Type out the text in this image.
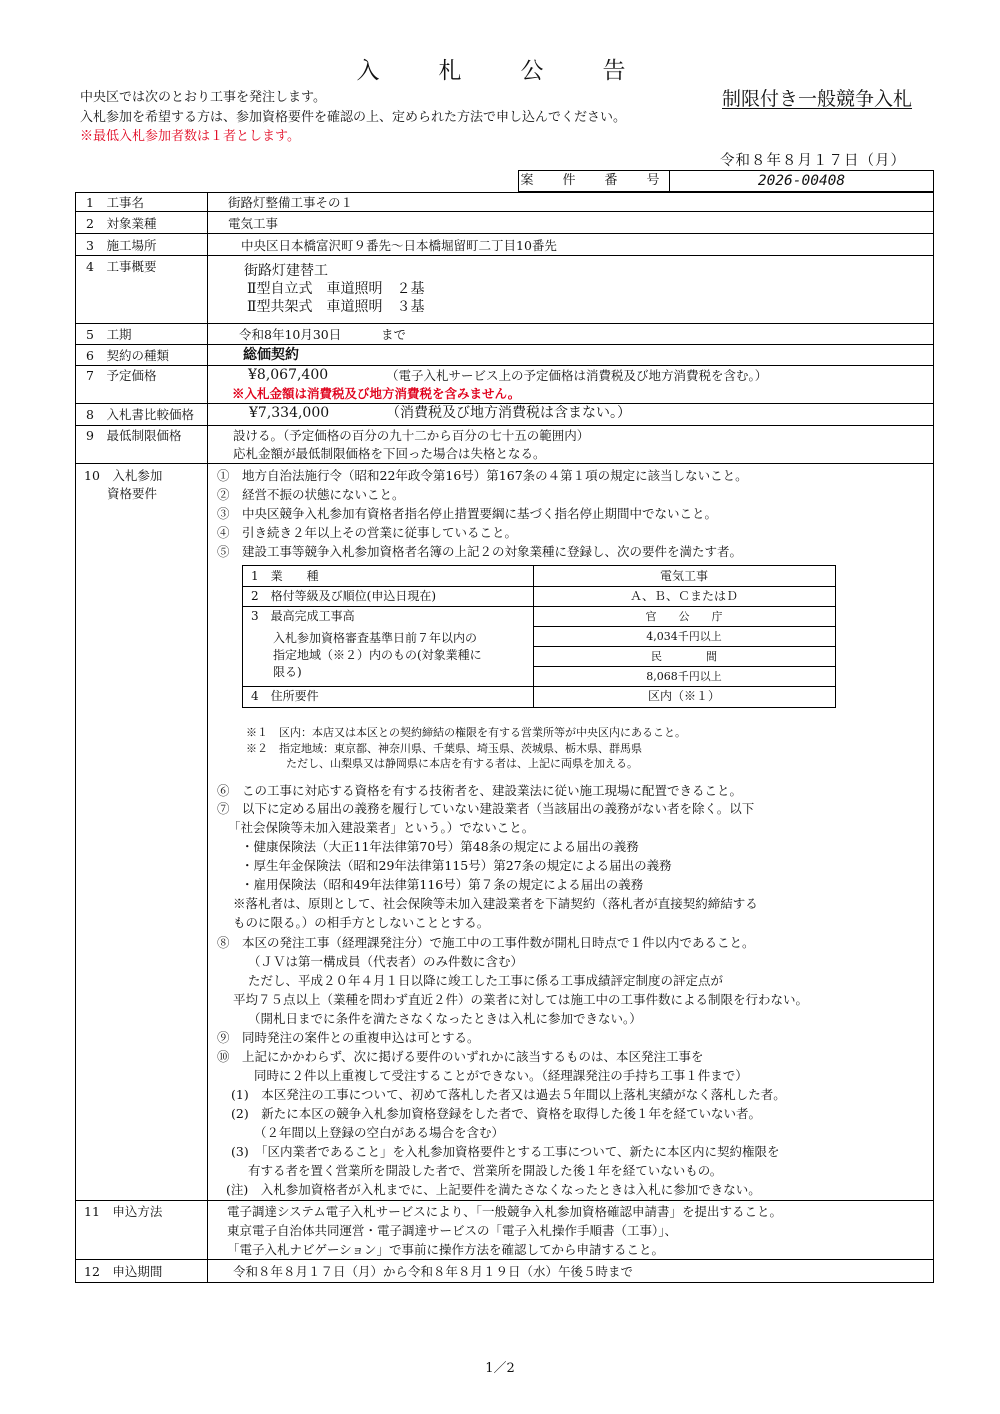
入　札　公　告
中央区では次のとおり工事を発注します。
入札参加を希望する方は、参加資格要件を確認の上、定められた方法で申し込んでください。
※最低入札参加者数は１者とします。
制限付き一般競争入札
令和８年８月１７日（月）
案　件　番　号	2026-00408
1　工事名	街路灯整備工事その１
2　対象業種	電気工事
3　施工場所	中央区日本橋富沢町９番先～日本橋堀留町二丁目10番先
4　工事概要	街路灯建替工
Ⅱ型自立式　車道照明　２基
Ⅱ型共架式　車道照明　３基
5　工期	令和8年10月30日	まで
6　契約の種類	総価契約
7　予定価格	¥8,067,400	（電子入札サービス上の予定価格は消費税及び地方消費税を含む。）
※入札金額は消費税及び地方消費税を含みません。
8　入札書比較価格	¥7,334,000	（消費税及び地方消費税は含まない。）
9　最低制限価格	設ける。（予定価格の百分の九十二から百分の七十五の範囲内）
応札金額が最低制限価格を下回った場合は失格となる。
10　入札参加
資格要件
①　地方自治法施行令（昭和22年政令第16号）第167条の４第１項の規定に該当しないこと。
②　経営不振の状態にないこと。
③　中央区競争入札参加有資格者指名停止措置要綱に基づく指名停止期間中でないこと。
④　引き続き２年以上その営業に従事していること。
⑤　建設工事等競争入札参加資格者名簿の上記２の対象業種に登録し、次の要件を満たす者。
1　業　　種	電気工事
2　格付等級及び順位(申込日現在)	Ａ、Ｂ、ＣまたはＤ
3　最高完成工事高
入札参加資格審査基準日前７年以内の
指定地域（※２）内のもの(対象業種に
限る)
官　　公　　庁
4,034千円以上
民　　　　間
8,068千円以上
4　住所要件	区内（※１）
※１　区内：本店又は本区との契約締結の権限を有する営業所等が中央区内にあること。
※２　指定地域：東京都、神奈川県、千葉県、埼玉県、茨城県、栃木県、群馬県
ただし、山梨県又は静岡県に本店を有する者は、上記に両県を加える。
⑥　この工事に対応する資格を有する技術者を、建設業法に従い施工現場に配置できること。
⑦　以下に定める届出の義務を履行していない建設業者（当該届出の義務がない者を除く。以下
「社会保険等未加入建設業者」という。）でないこと。
・健康保険法（大正11年法律第70号）第48条の規定による届出の義務
・厚生年金保険法（昭和29年法律第115号）第27条の規定による届出の義務
・雇用保険法（昭和49年法律第116号）第７条の規定による届出の義務
※落札者は、原則として、社会保険等未加入建設業者を下請契約（落札者が直接契約締結する
ものに限る。）の相手方としないこととする。
⑧　本区の発注工事（経理課発注分）で施工中の工事件数が開札日時点で１件以内であること。
（ＪＶは第一構成員（代表者）のみ件数に含む）
ただし、平成２０年４月１日以降に竣工した工事に係る工事成績評定制度の評定点が
平均７５点以上（業種を問わず直近２件）の業者に対しては施工中の工事件数による制限を行わない。
（開札日までに条件を満たさなくなったときは入札に参加できない。）
⑨　同時発注の案件との重複申込は可とする。
⑩　上記にかかわらず、次に掲げる要件のいずれかに該当するものは、本区発注工事を
同時に２件以上重複して受注することができない。（経理課発注の手持ち工事１件まで）
(1)　本区発注の工事について、初めて落札した者又は過去５年間以上落札実績がなく落札した者。
(2)　新たに本区の競争入札参加資格登録をした者で、資格を取得した後１年を経ていない者。
（２年間以上登録の空白がある場合を含む）
(3)　「区内業者であること」を入札参加資格要件とする工事について、新たに本区内に契約権限を
有する者を置く営業所を開設した者で、営業所を開設した後１年を経ていないもの。
(注)　入札参加資格者が入札までに、上記要件を満たさなくなったときは入札に参加できない。
11　申込方法	電子調達システム電子入札サービスにより、「一般競争入札参加資格確認申請書」を提出すること。
東京電子自治体共同運営・電子調達サービスの「電子入札操作手順書（工事）」、
「電子入札ナビゲーション」で事前に操作方法を確認してから申請すること。
12　申込期間	令和８年８月１７日（月）から令和８年８月１９日（水）午後５時まで
1／2
